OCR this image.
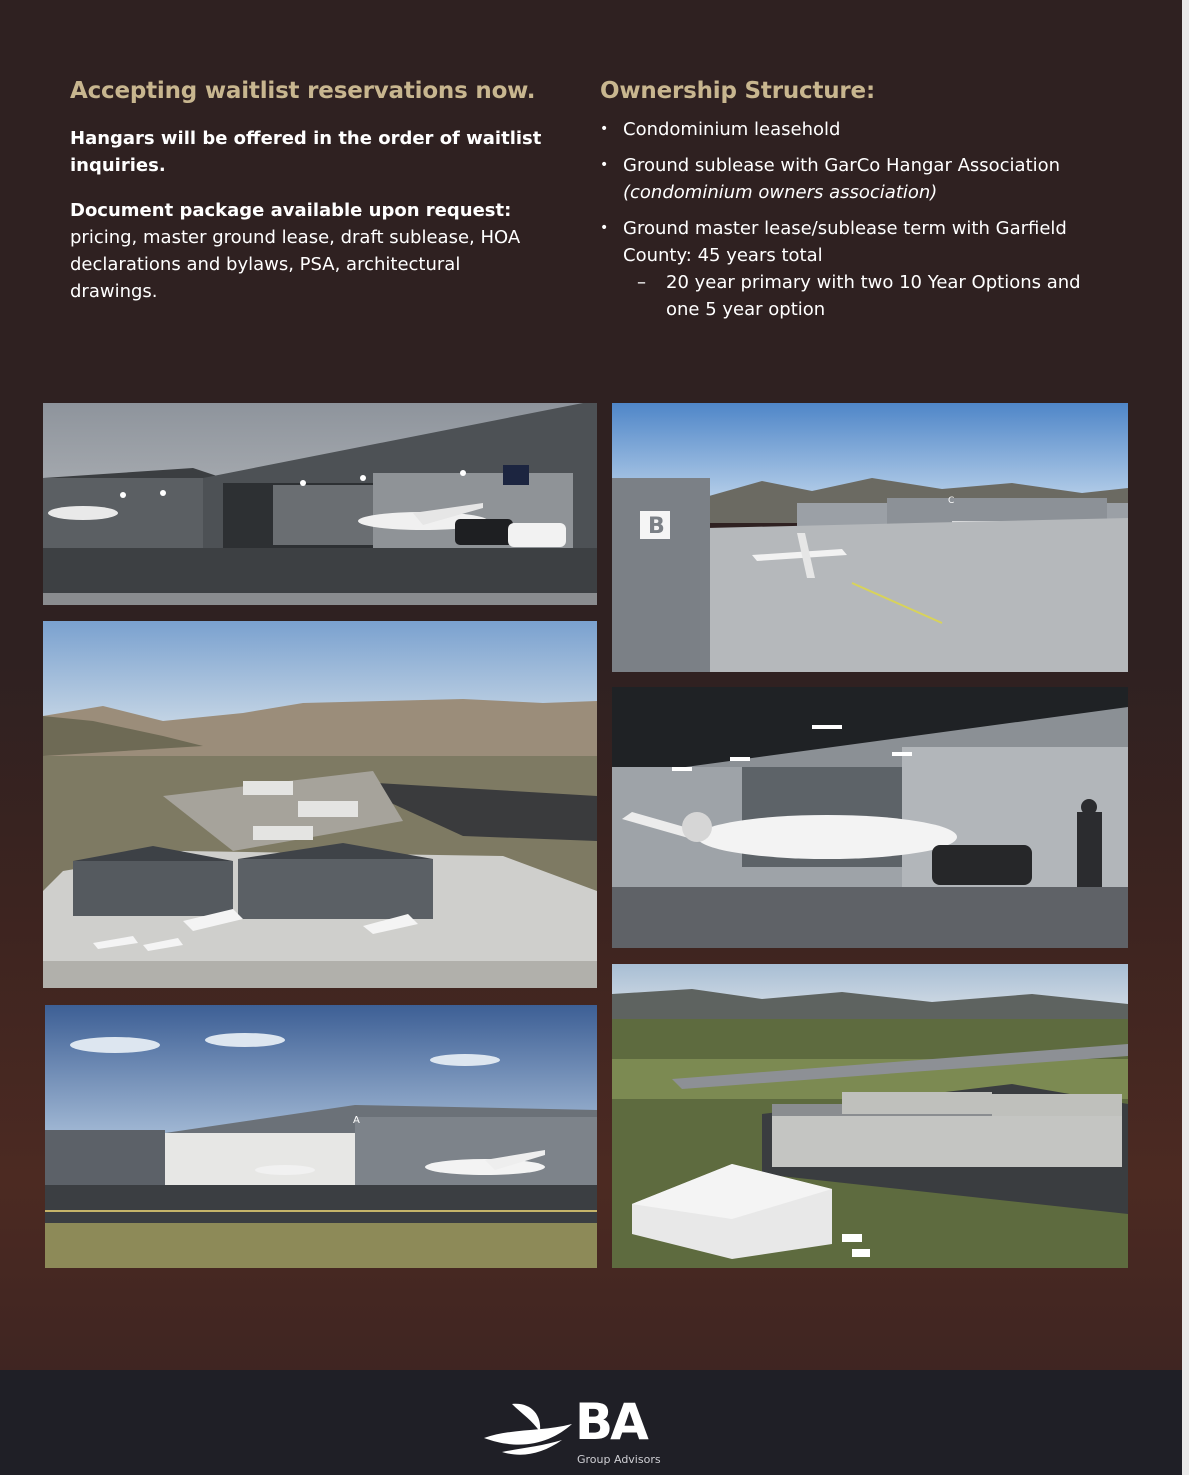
Accepting waitlist reservations now.

Hangars will be offered in the order of waitlist inquiries.

Document package available upon request: pricing, master ground lease, draft sublease, HOA declarations and bylaws, PSA, architectural drawings.

Ownership Structure:
• Condominium leasehold
• Ground sublease with GarCo Hangar Association
(condominium owners association)
• Ground master lease/sublease term with Garfield County: 45 years total
– 20 year primary with two 10 Year Options and one 5 year option
A
B
C
BA
Group Advisors
